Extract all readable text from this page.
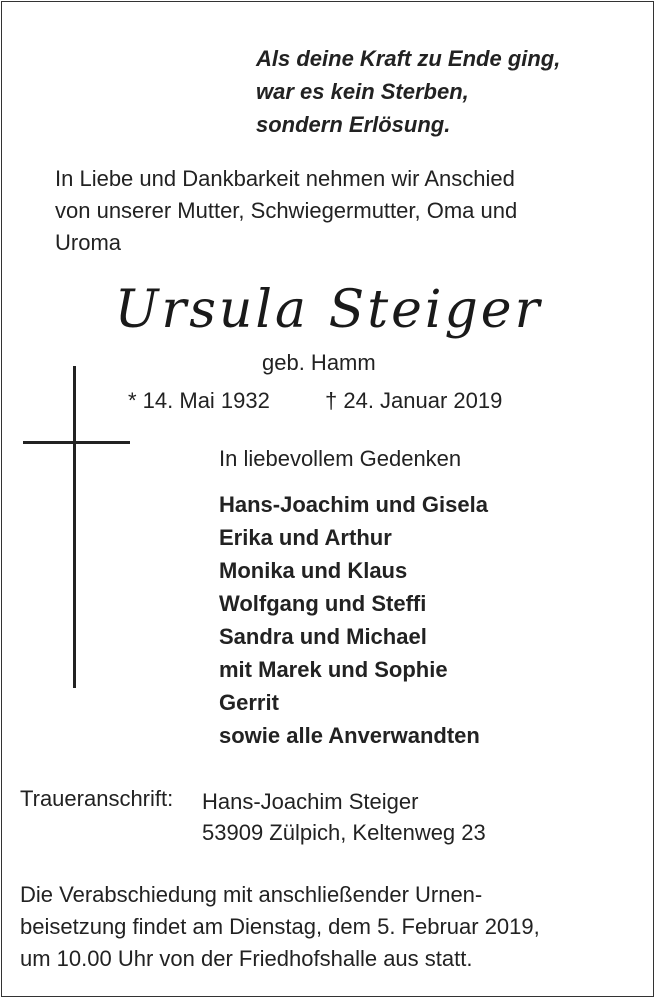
Als deine Kraft zu Ende ging,
war es kein Sterben,
sondern Erlösung.
In Liebe und Dankbarkeit nehmen wir Anschied
von unserer Mutter, Schwiegermutter, Oma und
Uroma
Ursula Steiger
geb. Hamm
* 14. Mai 1932	† 24. Januar 2019
In liebevollem Gedenken
Hans-Joachim und Gisela
Erika und Arthur
Monika und Klaus
Wolfgang und Steffi
Sandra und Michael
mit Marek und Sophie
Gerrit
sowie alle Anverwandten
Traueranschrift: Hans-Joachim Steiger
53909 Zülpich, Keltenweg 23
Die Verabschiedung mit anschließender Urnen-
beisetzung findet am Dienstag, dem 5. Februar 2019,
um 10.00 Uhr von der Friedhofshalle aus statt.
